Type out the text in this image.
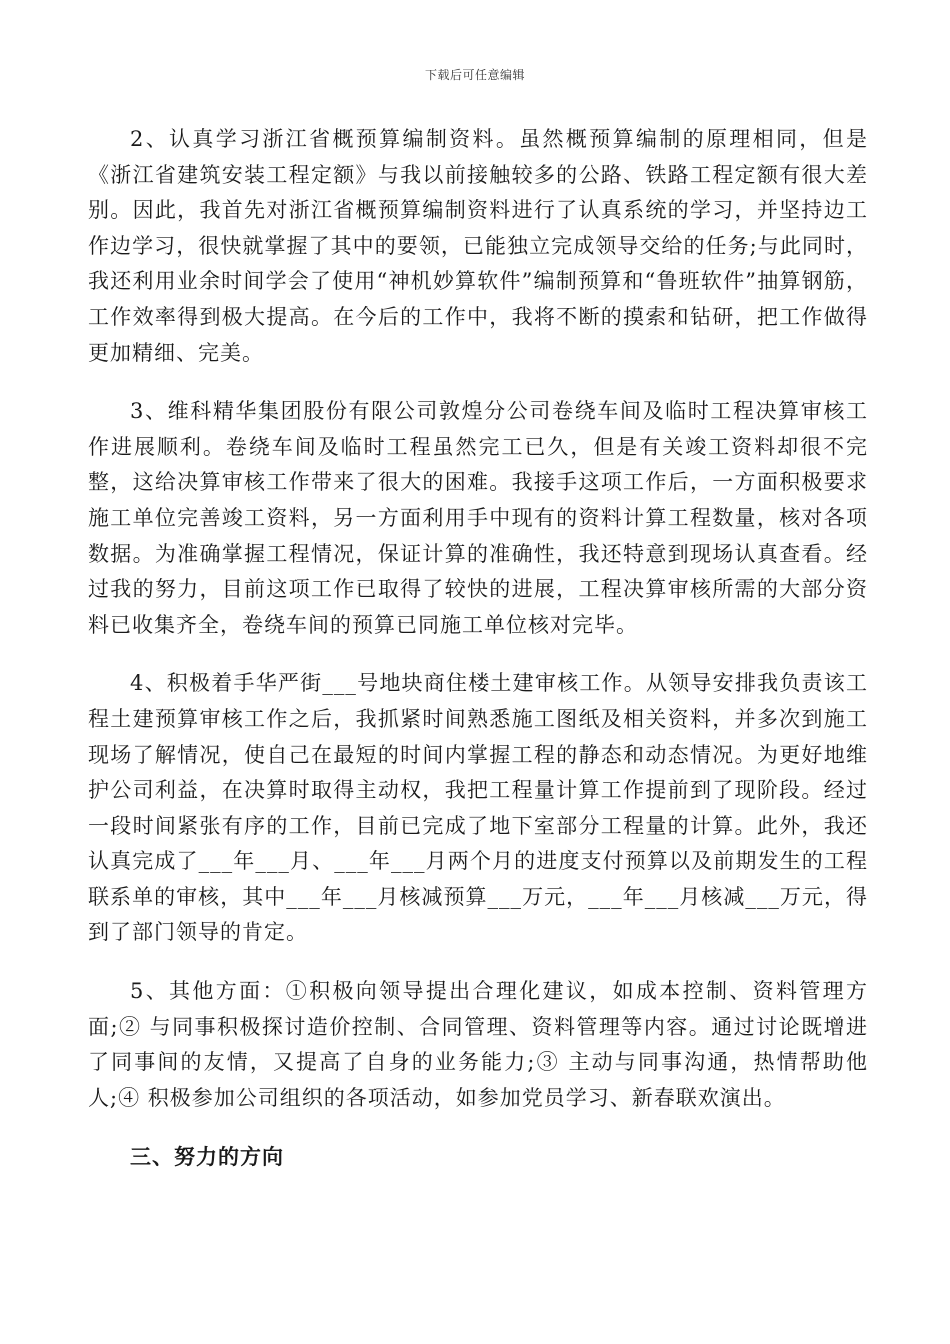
下载后可任意编辑

2、认真学习浙江省概预算编制资料。虽然概预算编制的原理相同，但是《浙江省建筑安装工程定额》与我以前接触较多的公路、铁路工程定额有很大差别。因此，我首先对浙江省概预算编制资料进行了认真系统的学习，并坚持边工作边学习，很快就掌握了其中的要领，已能独立完成领导交给的任务;与此同时，我还利用业余时间学会了使用“神机妙算软件”编制预算和“鲁班软件”抽算钢筋，工作效率得到极大提高。在今后的工作中，我将不断的摸索和钻研，把工作做得更加精细、完美。

3、维科精华集团股份有限公司敦煌分公司卷绕车间及临时工程决算审核工作进展顺利。卷绕车间及临时工程虽然完工已久，但是有关竣工资料却很不完整，这给决算审核工作带来了很大的困难。我接手这项工作后，一方面积极要求施工单位完善竣工资料，另一方面利用手中现有的资料计算工程数量，核对各项数据。为准确掌握工程情况，保证计算的准确性，我还特意到现场认真查看。经过我的努力，目前这项工作已取得了较快的进展，工程决算审核所需的大部分资料已收集齐全，卷绕车间的预算已同施工单位核对完毕。

4、积极着手华严街___号地块商住楼土建审核工作。从领导安排我负责该工程土建预算审核工作之后，我抓紧时间熟悉施工图纸及相关资料，并多次到施工现场了解情况，使自己在最短的时间内掌握工程的静态和动态情况。为更好地维护公司利益，在决算时取得主动权，我把工程量计算工作提前到了现阶段。经过一段时间紧张有序的工作，目前已完成了地下室部分工程量的计算。此外，我还认真完成了___年___月、___年___月两个月的进度支付预算以及前期发生的工程联系单的审核，其中___年___月核减预算___万元，___年___月核减___万元，得到了部门领导的肯定。

5、其他方面：①积极向领导提出合理化建议，如成本控制、资料管理方面;② 与同事积极探讨造价控制、合同管理、资料管理等内容。通过讨论既增进了同事间的友情，又提高了自身的业务能力;③ 主动与同事沟通，热情帮助他人;④ 积极参加公司组织的各项活动，如参加党员学习、新春联欢演出。

三、努力的方向
